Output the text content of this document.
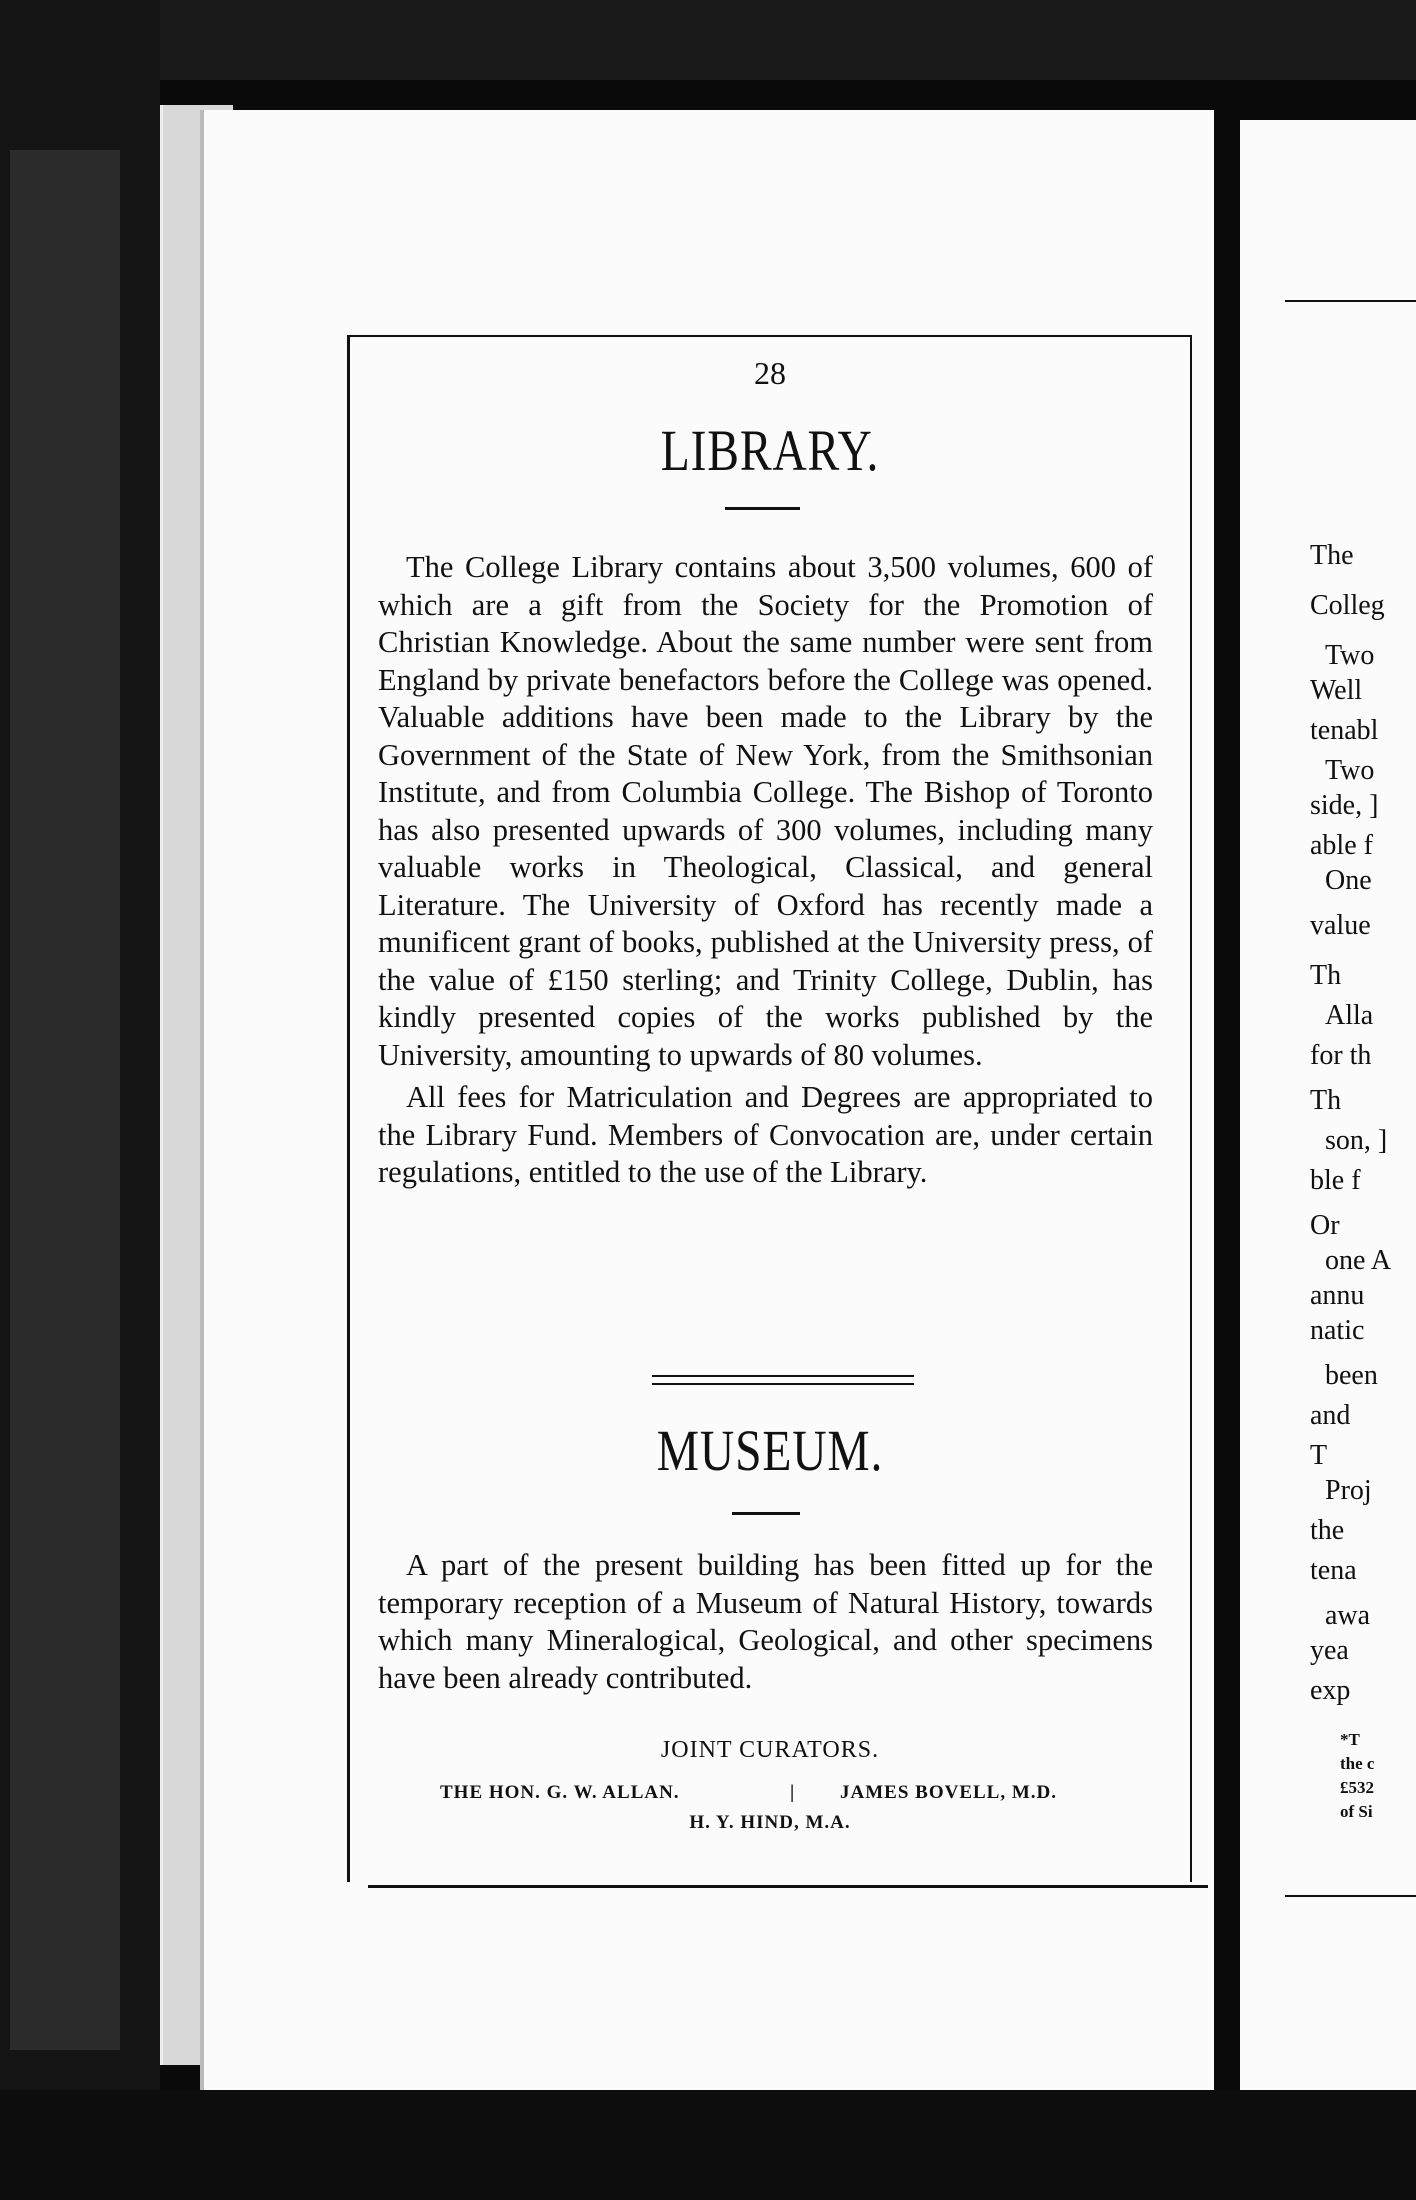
The
Colleg
Two
Well
tenabl
Two
side, ]
able f
One
value
Th
Alla
for th
Th
son, ]
ble f
Or
one A
annu
natic
been
and
T
Proj
the
tena
awa
yea
exp
*T
the c
£532
of Si
28
LIBRARY.

The College Library contains about 3,500 volumes, 600 of which are a gift from the Society for the Promotion of Christian Knowledge. About the same number were sent from England by private benefactors before the College was opened. Valuable additions have been made to the Library by the Government of the State of New York, from the Smithsonian Institute, and from Columbia College. The Bishop of Toronto has also presented upwards of 300 volumes, including many valuable works in Theological, Classical, and general Literature. The University of Oxford has recently made a munificent grant of books, published at the University press, of the value of £150 sterling; and Trinity College, Dublin, has kindly presented copies of the works published by the University, amounting to upwards of 80 volumes.

All fees for Matriculation and Degrees are appropriated to the Library Fund. Members of Convocation are, under certain regulations, entitled to the use of the Library.

MUSEUM.

A part of the present building has been fitted up for the temporary reception of a Museum of Natural History, towards which many Mineralogical, Geological, and other specimens have been already contributed.

JOINT CURATORS.
THE HON. G. W. ALLAN.	| JAMES BOVELL, M.D.
H. Y. HIND, M.A.
